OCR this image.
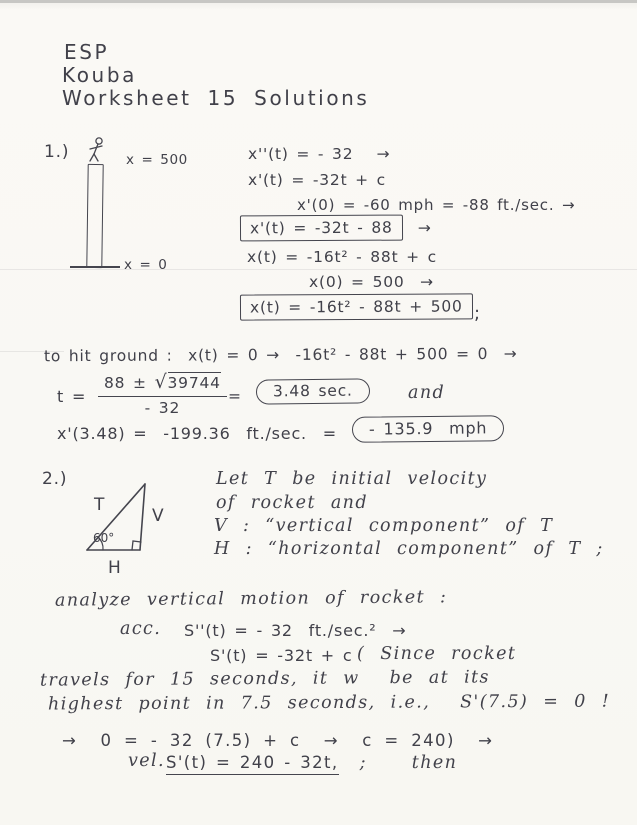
ESP
Kouba
Worksheet 15 Solutions
1.)	x = 500
x = 0
x''(t) = - 32   →
x'(t) = -32t + c
x'(0) = -60 mph = -88 ft./sec. →
x'(t) = -32t - 88 →
x(t) = -16t² - 88t + c
x(0) = 500  →
x(t) = -16t² - 88t + 500 ;
to hit ground :  x(t) = 0 →  -16t² - 88t + 500 = 0  →
t =
88 ± √39744
- 32
=	3.48 sec.	and
x'(3.48) =  -199.36  ft./sec.  =	- 135.9  mph
2.)
T
V
H
60°
Let T be initial velocity
of rocket and
V : “vertical component” of T
H : “horizontal component” of T ;
analyze vertical motion of rocket :
acc. S''(t) = - 32  ft./sec.²  →
S'(t) = -32t + c ( Since rocket
travels for 15 seconds, it w  be at its
highest point in 7.5 seconds, i.e.,  S'(7.5) = 0 !
→  0 = - 32 (7.5) + c  →  c = 240)  →
vel. S'(t) = 240 - 32t, ;   then
